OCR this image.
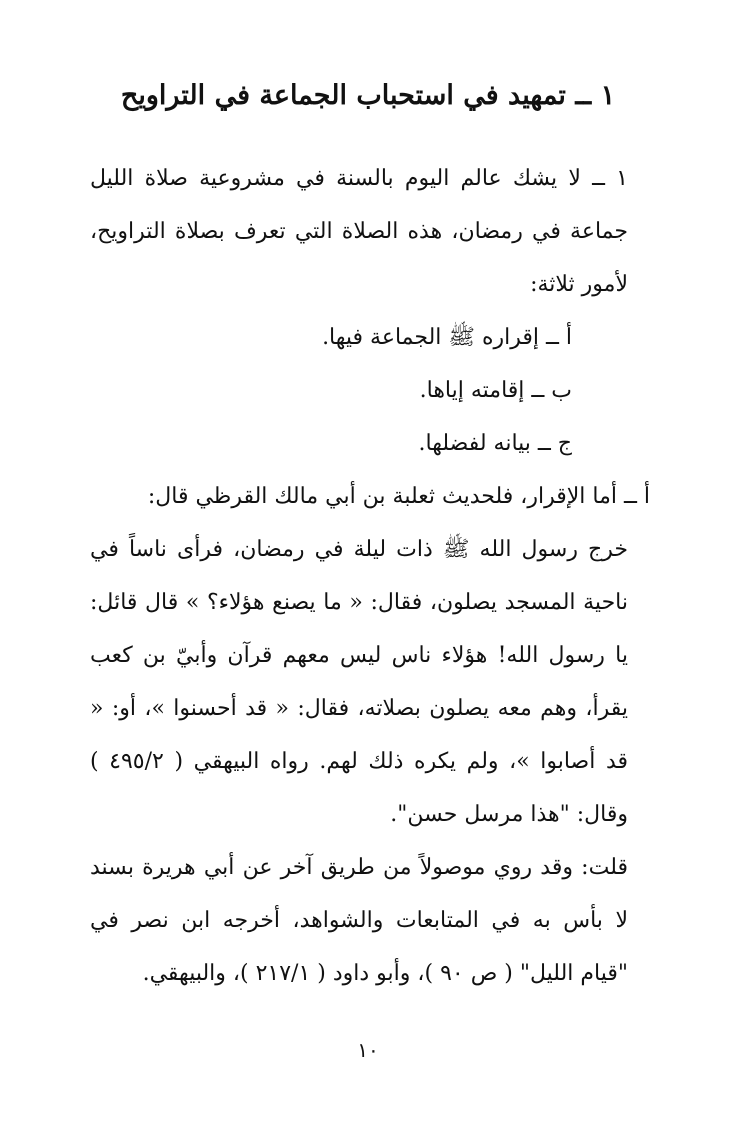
١ ــ تمهيد في استحباب الجماعة في التراويح

١ ــ لا يشك عالم اليوم بالسنة في مشروعية صلاة الليل جماعة في رمضان، هذه الصلاة التي تعرف بصلاة التراويح، لأمور ثلاثة:

أ ــ إقراره ﷺ الجماعة فيها.

ب ــ إقامته إياها.

ج ــ بيانه لفضلها.

أ ــ أما الإقرار، فلحديث ثعلبة بن أبي مالك القرظي قال:

خرج رسول الله ﷺ ذات ليلة في رمضان، فرأى ناساً في ناحية المسجد يصلون، فقال: « ما يصنع هؤلاء؟ » قال قائل: يا رسول الله! هؤلاء ناس ليس معهم قرآن وأبيّ بن كعب يقرأ، وهم معه يصلون بصلاته، فقال: « قد أحسنوا »، أو: « قد أصابوا »، ولم يكره ذلك لهم. رواه البيهقي ( ٤٩٥/٢ ) وقال: "هذا مرسل حسن".

قلت: وقد روي موصولاً من طريق آخر عن أبي هريرة بسند لا بأس به في المتابعات والشواهد، أخرجه ابن نصر في "قيام الليل" ( ص ٩٠ )، وأبو داود ( ٢١٧/١ )، والبيهقي.

١٠
